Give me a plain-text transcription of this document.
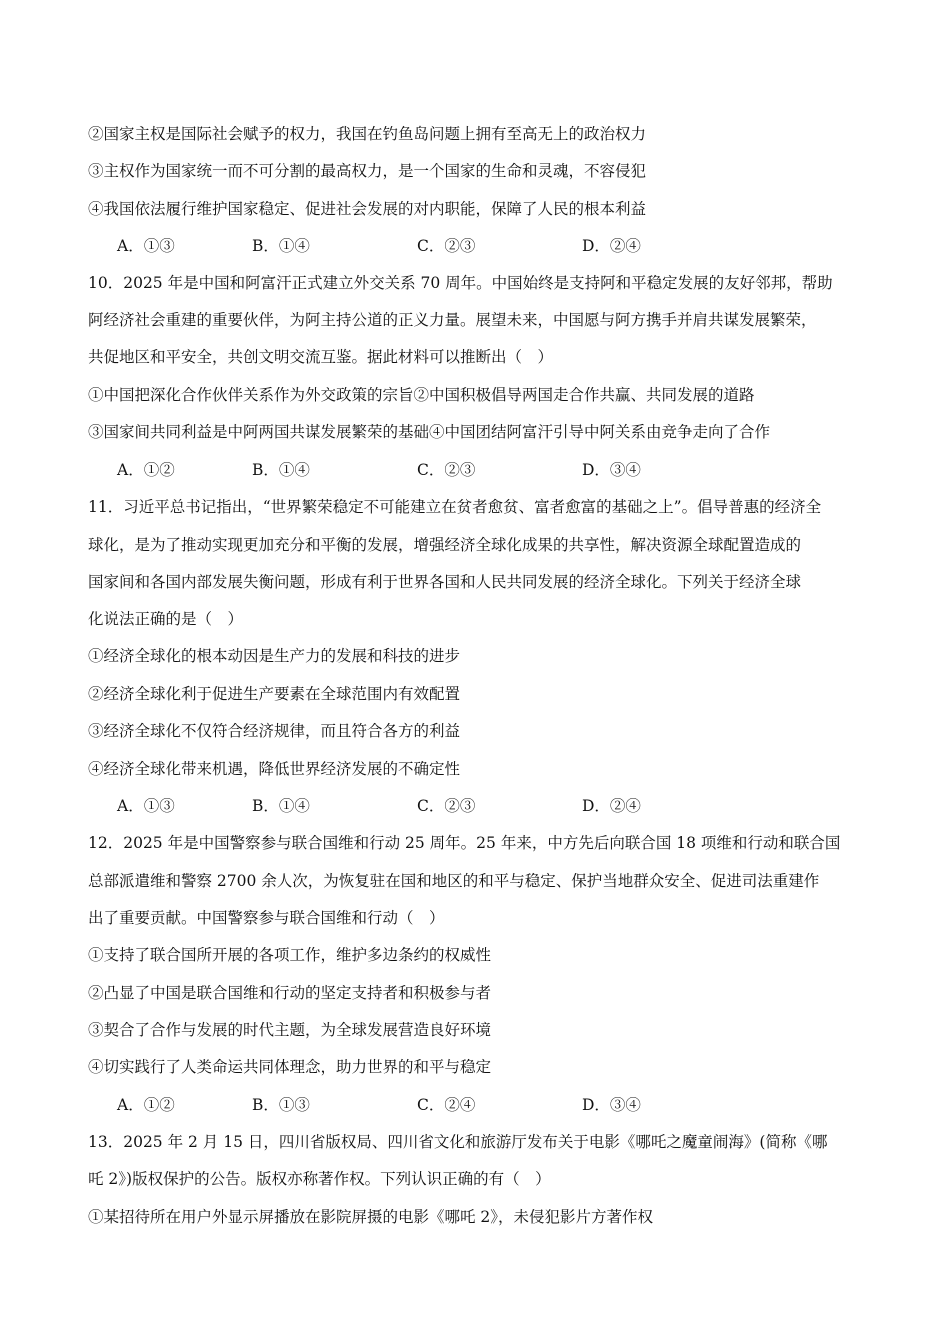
②国家主权是国际社会赋予的权力，我国在钓鱼岛问题上拥有至高无上的政治权力
③主权作为国家统一而不可分割的最高权力，是一个国家的生命和灵魂，不容侵犯
④我国依法履行维护国家稳定、促进社会发展的对内职能，保障了人民的根本利益
A．①③	B．①④	C．②③	D．②④
10．2025 年是中国和阿富汗正式建立外交关系 70 周年。中国始终是支持阿和平稳定发展的友好邻邦，帮助
阿经济社会重建的重要伙伴，为阿主持公道的正义力量。展望未来，中国愿与阿方携手并肩共谋发展繁荣，
共促地区和平安全，共创文明交流互鉴。据此材料可以推断出（　）
①中国把深化合作伙伴关系作为外交政策的宗旨②中国积极倡导两国走合作共赢、共同发展的道路
③国家间共同利益是中阿两国共谋发展繁荣的基础④中国团结阿富汗引导中阿关系由竞争走向了合作
A．①②	B．①④	C．②③	D．③④
11．习近平总书记指出，“世界繁荣稳定不可能建立在贫者愈贫、富者愈富的基础之上”。倡导普惠的经济全
球化，是为了推动实现更加充分和平衡的发展，增强经济全球化成果的共享性，解决资源全球配置造成的
国家间和各国内部发展失衡问题，形成有利于世界各国和人民共同发展的经济全球化。下列关于经济全球
化说法正确的是（　）
①经济全球化的根本动因是生产力的发展和科技的进步
②经济全球化利于促进生产要素在全球范围内有效配置
③经济全球化不仅符合经济规律，而且符合各方的利益
④经济全球化带来机遇，降低世界经济发展的不确定性
A．①③	B．①④	C．②③	D．②④
12．2025 年是中国警察参与联合国维和行动 25 周年。25 年来，中方先后向联合国 18 项维和行动和联合国
总部派遣维和警察 2700 余人次，为恢复驻在国和地区的和平与稳定、保护当地群众安全、促进司法重建作
出了重要贡献。中国警察参与联合国维和行动（　）
①支持了联合国所开展的各项工作，维护多边条约的权威性
②凸显了中国是联合国维和行动的坚定支持者和积极参与者
③契合了合作与发展的时代主题，为全球发展营造良好环境
④切实践行了人类命运共同体理念，助力世界的和平与稳定
A．①②	B．①③	C．②④	D．③④
13．2025 年 2 月 15 日，四川省版权局、四川省文化和旅游厅发布关于电影《哪吒之魔童闹海》(简称《哪
吒 2》)版权保护的公告。版权亦称著作权。下列认识正确的有（　）
①某招待所在用户外显示屏播放在影院屏摄的电影《哪吒 2》，未侵犯影片方著作权
